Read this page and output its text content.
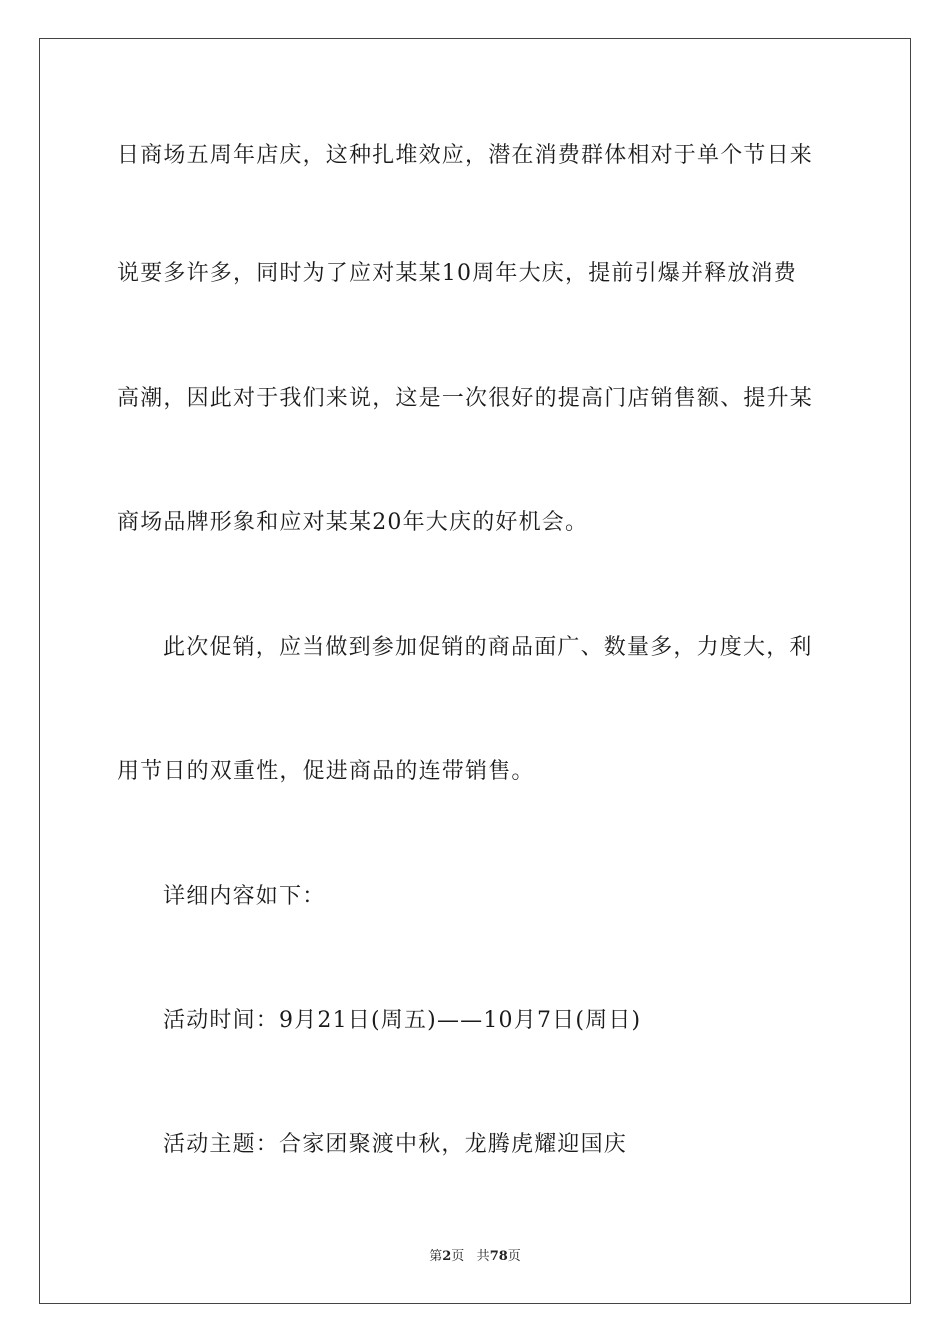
日商场五周年店庆，这种扎堆效应，潜在消费群体相对于单个节日来
说要多许多，同时为了应对某某10周年大庆，提前引爆并释放消费
高潮，因此对于我们来说，这是一次很好的提高门店销售额、提升某
商场品牌形象和应对某某20年大庆的好机会。
此次促销，应当做到参加促销的商品面广、数量多，力度大，利
用节日的双重性，促进商品的连带销售。
详细内容如下：
活动时间：9月21日(周五)——10月7日(周日)
活动主题：合家团聚渡中秋，龙腾虎耀迎国庆
第2页 共78页
